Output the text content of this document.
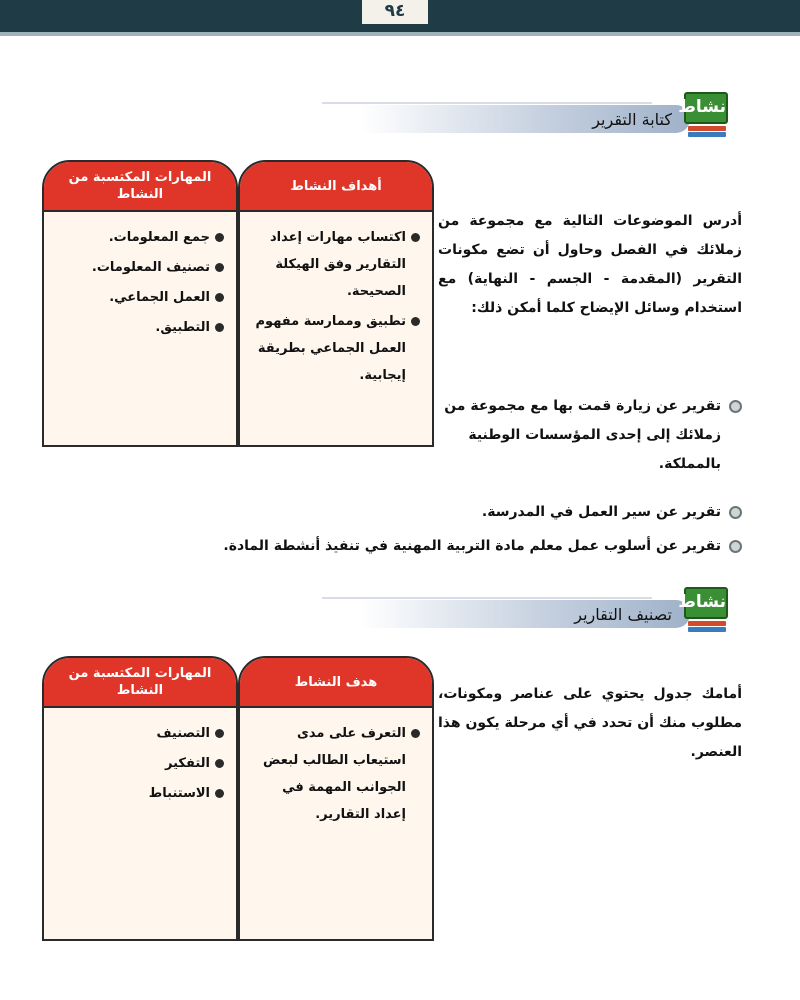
٩٤
كتابة التقرير
نشاط
أهداف النشاط
اكتساب مهارات إعداد التقارير وفق الهيكلة الصحيحة.
تطبيق وممارسة مفهوم العمل الجماعي بطريقة إيجابية.
المهارات المكتسبة من النشاط
جمع المعلومات.
تصنيف المعلومات.
العمل الجماعي.
التطبيق.
أدرس الموضوعات التالية مع مجموعة من زملائك في الفصل وحاول أن تضع مكونات التقرير (المقدمة - الجسم - النهاية) مع استخدام وسائل الإيضاح كلما أمكن ذلك:
تقرير عن زيارة قمت بها مع مجموعة من زملائك إلى إحدى المؤسسات الوطنية بالمملكة.
تقرير عن سير العمل في المدرسة.
تقرير عن أسلوب عمل معلم مادة التربية المهنية في تنفيذ أنشطة المادة.
تصنيف التقارير
نشاط
هدف النشاط
التعرف على مدى استيعاب الطالب لبعض الجوانب المهمة في إعداد التقارير.
المهارات المكتسبة من النشاط
التصنيف
التفكير
الاستنباط
أمامك جدول يحتوي على عناصر ومكونات، مطلوب منك أن تحدد في أي مرحلة يكون هذا العنصر.
